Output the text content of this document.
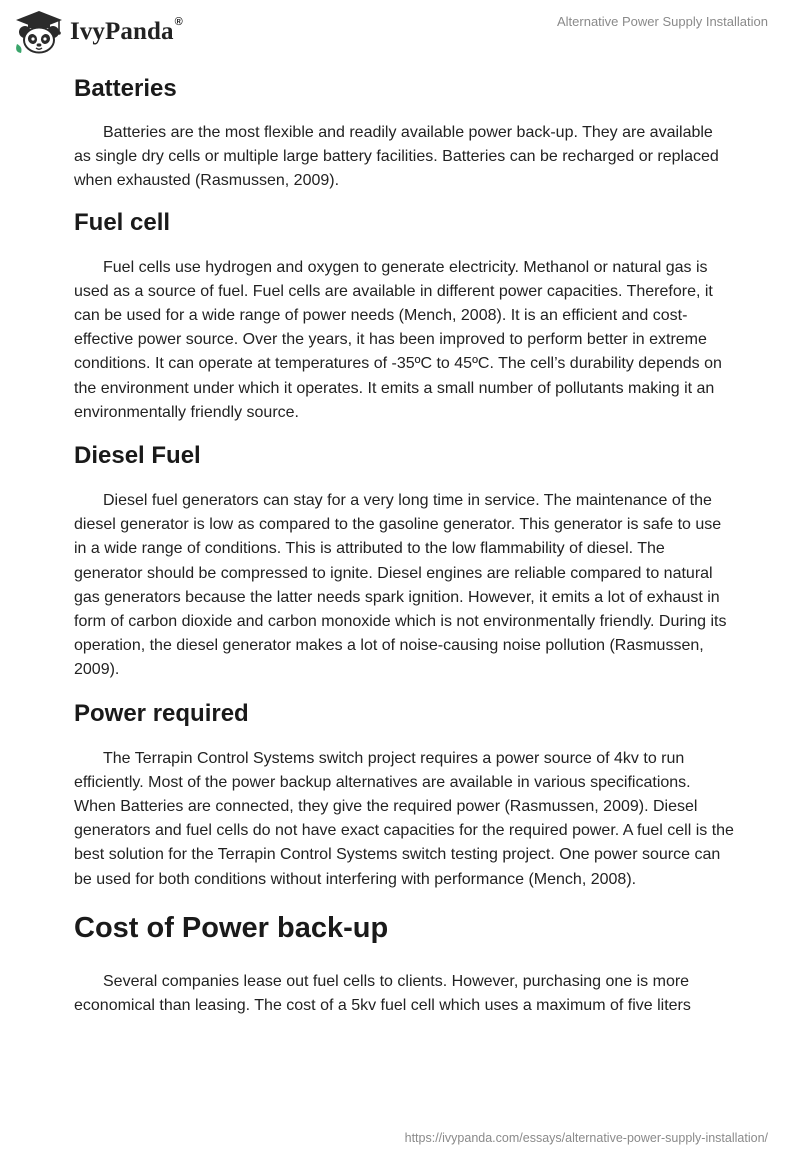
IvyPanda®	Alternative Power Supply Installation
Batteries

Batteries are the most flexible and readily available power back-up. They are available as single dry cells or multiple large battery facilities. Batteries can be recharged or replaced when exhausted (Rasmussen, 2009).

Fuel cell

Fuel cells use hydrogen and oxygen to generate electricity. Methanol or natural gas is used as a source of fuel. Fuel cells are available in different power capacities. Therefore, it can be used for a wide range of power needs (Mench, 2008). It is an efficient and cost-effective power source. Over the years, it has been improved to perform better in extreme conditions. It can operate at temperatures of -35ºC to 45ºC. The cell’s durability depends on the environment under which it operates. It emits a small number of pollutants making it an environmentally friendly source.

Diesel Fuel

Diesel fuel generators can stay for a very long time in service. The maintenance of the diesel generator is low as compared to the gasoline generator. This generator is safe to use in a wide range of conditions. This is attributed to the low flammability of diesel. The generator should be compressed to ignite. Diesel engines are reliable compared to natural gas generators because the latter needs spark ignition. However, it emits a lot of exhaust in form of carbon dioxide and carbon monoxide which is not environmentally friendly. During its operation, the diesel generator makes a lot of noise-causing noise pollution (Rasmussen, 2009).

Power required

The Terrapin Control Systems switch project requires a power source of 4kv to run efficiently. Most of the power backup alternatives are available in various specifications. When Batteries are connected, they give the required power (Rasmussen, 2009). Diesel generators and fuel cells do not have exact capacities for the required power. A fuel cell is the best solution for the Terrapin Control Systems switch testing project. One power source can be used for both conditions without interfering with performance (Mench, 2008).

Cost of Power back-up

Several companies lease out fuel cells to clients. However, purchasing one is more economical than leasing. The cost of a 5kv fuel cell which uses a maximum of five liters

https://ivypanda.com/essays/alternative-power-supply-installation/
